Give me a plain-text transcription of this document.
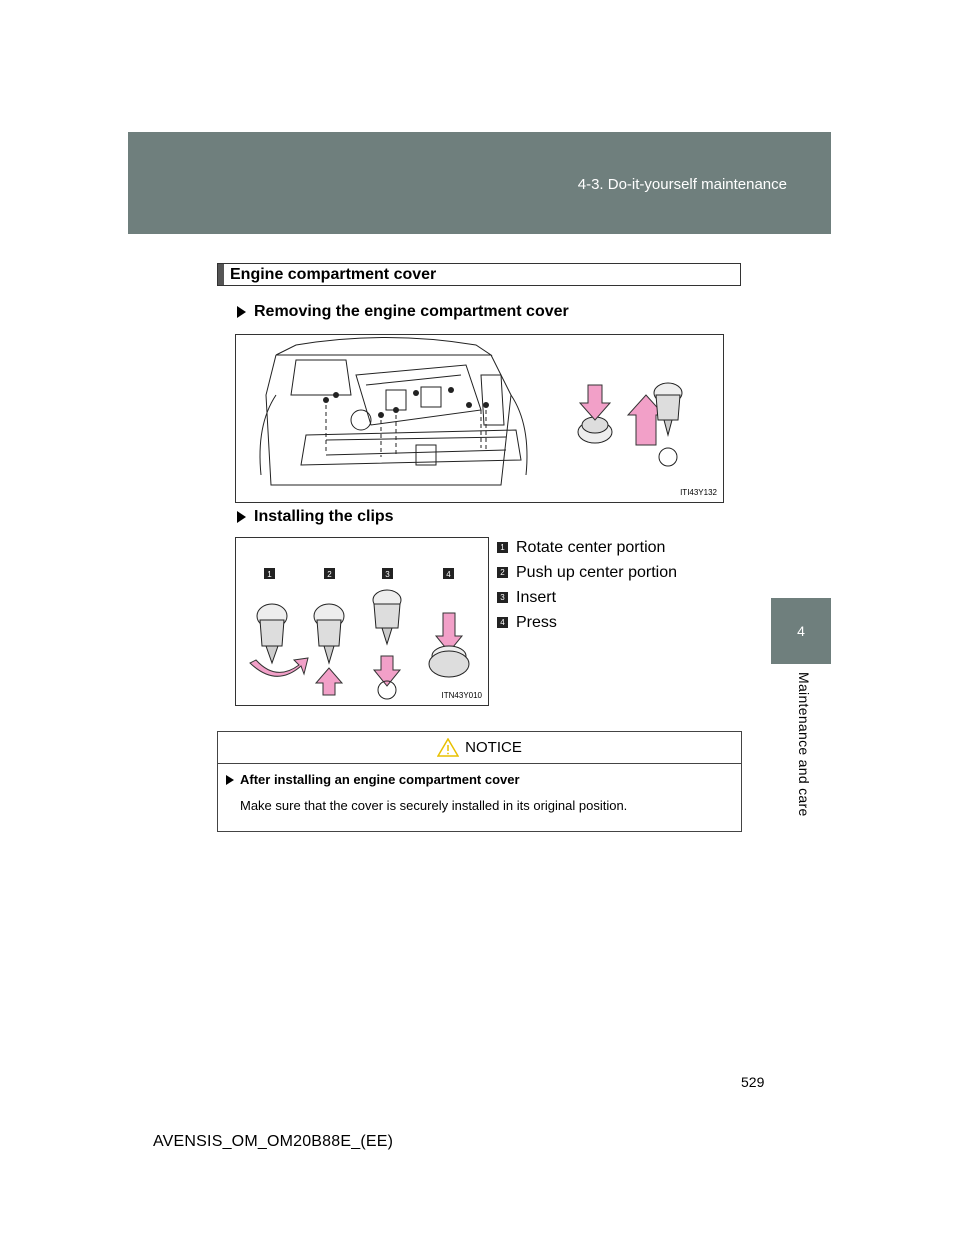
4-3. Do-it-yourself maintenance
4
Maintenance and care
Engine compartment cover
Removing the engine compartment cover
ITI43Y132
Installing the clips
1	2	3	4
ITN43Y010
1 Rotate center portion
2 Push up center portion
3 Insert
4 Press
NOTICE
After installing an engine compartment cover
Make sure that the cover is securely installed in its original position.
529
AVENSIS_OM_OM20B88E_(EE)
